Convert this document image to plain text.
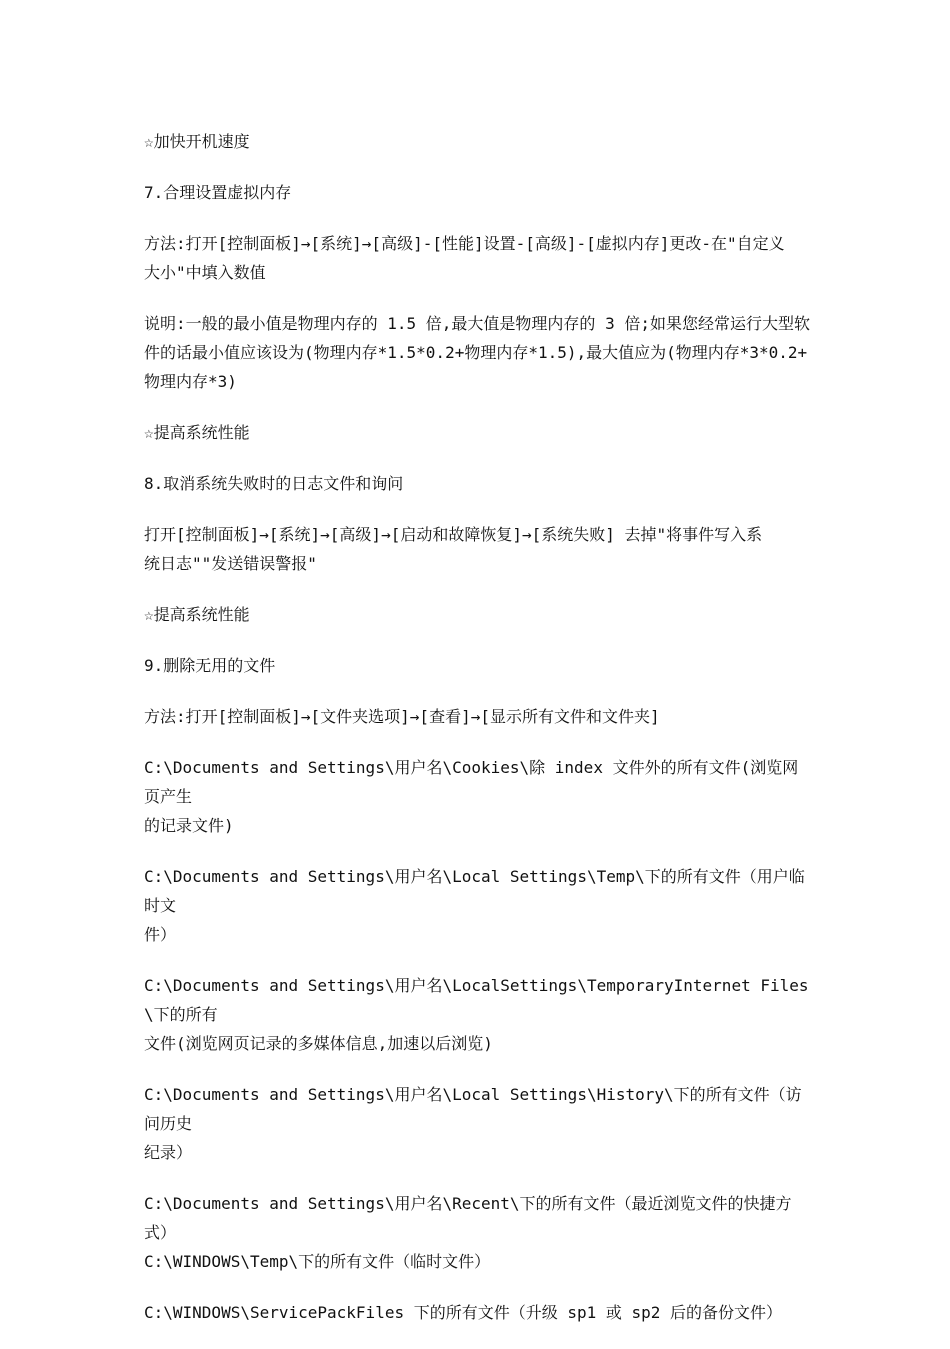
☆加快开机速度

7.合理设置虚拟内存

方法:打开[控制面板]→[系统]→[高级]-[性能]设置-[高级]-[虚拟内存]更改-在"自定义
大小"中填入数值

说明:一般的最小值是物理内存的 1.5 倍,最大值是物理内存的 3 倍;如果您经常运行大型软
件的话最小值应该设为(物理内存*1.5*0.2+物理内存*1.5),最大值应为(物理内存*3*0.2+
物理内存*3)

☆提高系统性能

8.取消系统失败时的日志文件和询问

打开[控制面板]→[系统]→[高级]→[启动和故障恢复]→[系统失败] 去掉"将事件写入系
统日志""发送错误警报"

☆提高系统性能

9.删除无用的文件

方法:打开[控制面板]→[文件夹选项]→[查看]→[显示所有文件和文件夹]

C:\Documents and Settings\用户名\Cookies\除 index 文件外的所有文件(浏览网页产生
的记录文件)

C:\Documents and Settings\用户名\Local Settings\Temp\下的所有文件（用户临时文
件）

C:\Documents and Settings\用户名\LocalSettings\TemporaryInternet Files\下的所有
文件(浏览网页记录的多媒体信息,加速以后浏览)

C:\Documents and Settings\用户名\Local Settings\History\下的所有文件（访问历史
纪录）

C:\Documents and Settings\用户名\Recent\下的所有文件（最近浏览文件的快捷方式）
C:\WINDOWS\Temp\下的所有文件（临时文件）

C:\WINDOWS\ServicePackFiles 下的所有文件（升级 sp1 或 sp2 后的备份文件）
